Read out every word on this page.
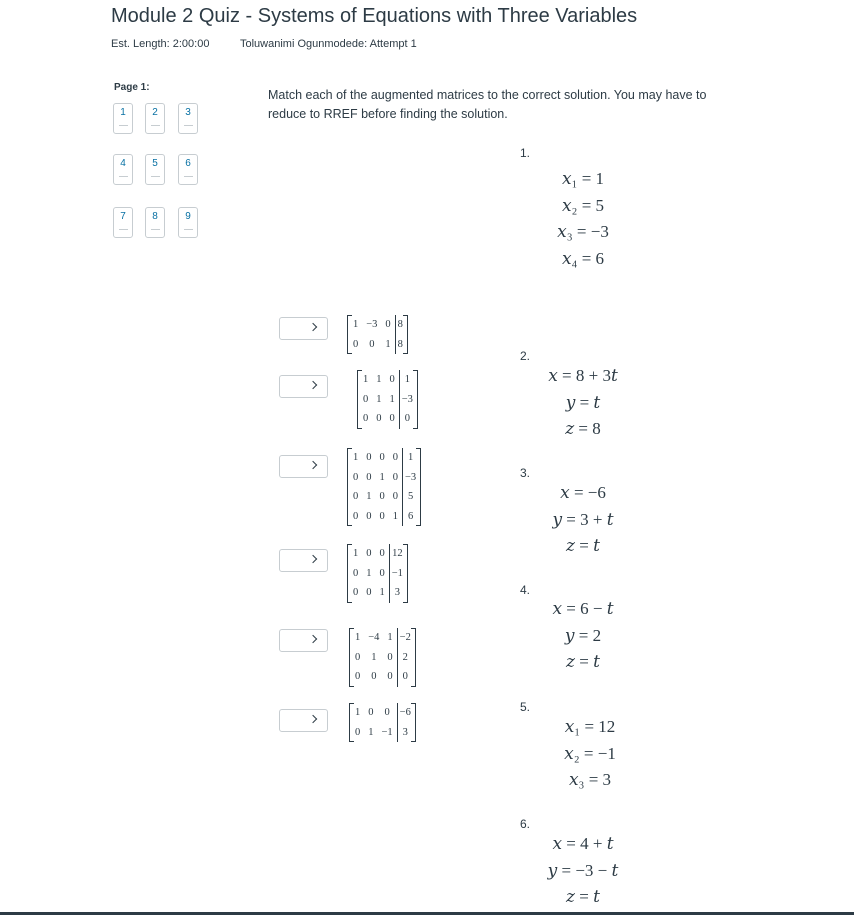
Module 2 Quiz - Systems of Equations with Three Variables
Est. Length: 2:00:00	Toluwanimi Ogunmodede: Attempt 1
Page 1:
1	2	3
4	5	6
7	8	9
Match each of the augmented matrices to the correct solution. You may have to reduce to RREF before finding the solution.
1	−3	0	8
0	0	1	8
1	1	0	1
0	1	1	−3
0	0	0	0
1	0	0	0	1
0	0	1	0	−3
0	1	0	0	5
0	0	0	1	6
1	0	0	12
0	1	0	−1
0	0	1	3
1	−4	1	−2
0	1	0	2
0	0	0	0
1	0	0	−6
0	1	−1	3
1.
𝑥₁ = 1
𝑥₂ = 5
𝑥₃ = −3
𝑥₄ = 6
2.
𝑥 = 8 + 3𝑡
𝑦 = 𝑡
𝑧 = 8
3.
𝑥 = −6
𝑦 = 3 + 𝑡
𝑧 = 𝑡
4.
𝑥 = 6 − 𝑡
𝑦 = 2
𝑧 = 𝑡
5.
𝑥₁ = 12
𝑥₂ = −1
𝑥₃ = 3
6.
𝑥 = 4 + 𝑡
𝑦 = −3 − 𝑡
𝑧 = 𝑡
